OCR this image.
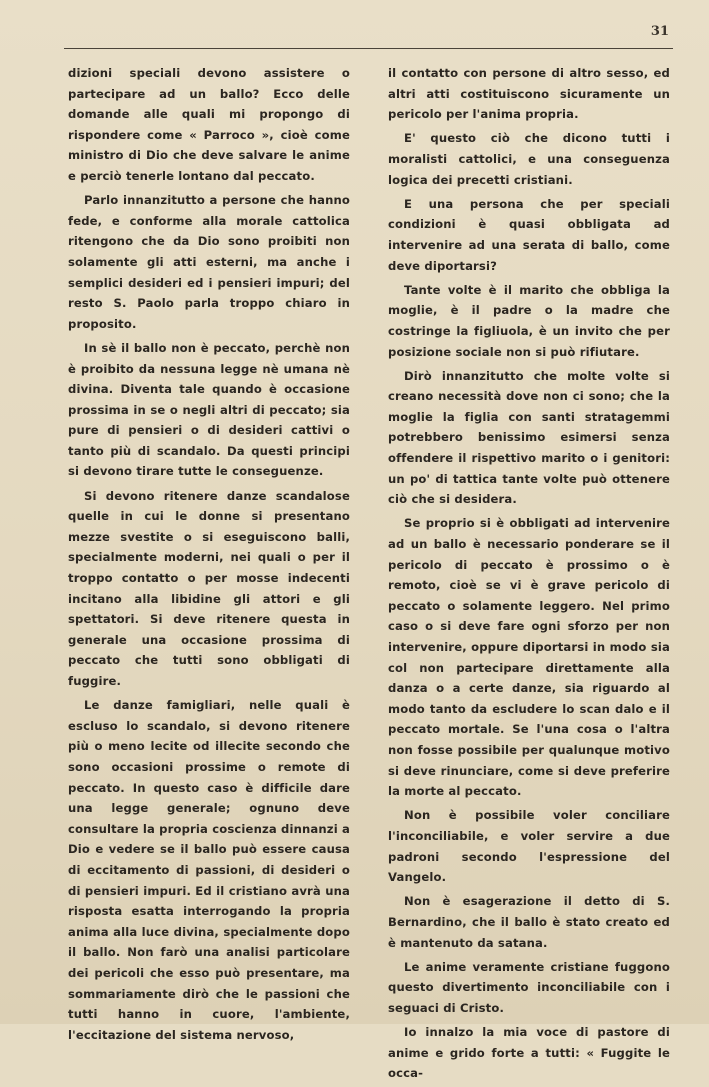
31

dizioni speciali devono assistere o partecipare ad un ballo? Ecco delle domande alle quali mi propongo di rispondere come « Parroco », cioè come ministro di Dio che deve salvare le anime e perciò tenerle lontano dal peccato.

Parlo innanzitutto a persone che hanno fede, e conforme alla morale cattolica ritengono che da Dio sono proibiti non solamente gli atti esterni, ma anche i semplici desideri ed i pensieri impuri; del resto S. Paolo parla troppo chiaro in proposito.

In sè il ballo non è peccato, perchè non è proibito da nessuna legge nè umana nè divina. Diventa tale quando è occasione prossima in se o negli altri di peccato; sia pure di pensieri o di desideri cattivi o tanto più di scandalo. Da questi principi si devono tirare tutte le conseguenze.

Si devono ritenere danze scandalose quelle in cui le donne si presentano mezze svestite o si eseguiscono balli, specialmente moderni, nei quali o per il troppo contatto o per mosse indecenti incitano alla libidine gli attori e gli spettatori. Si deve ritenere questa in generale una occasione prossima di peccato che tutti sono obbligati di fuggire.

Le danze famigliari, nelle quali è escluso lo scandalo, si devono ritenere più o meno lecite od illecite secondo che sono occasioni prossime o remote di peccato. In questo caso è difficile dare una legge generale; ognuno deve consultare la propria coscienza dinnanzi a Dio e vedere se il ballo può essere causa di eccitamento di passioni, di desideri o di pensieri impuri. Ed il cristiano avrà una risposta esatta interrogando la propria anima alla luce divina, specialmente dopo il ballo. Non farò una analisi particolare dei pericoli che esso può presentare, ma sommariamente dirò che le passioni che tutti hanno in cuore, l'ambiente, l'eccitazione del sistema nervoso,

il contatto con persone di altro sesso, ed altri atti costituiscono sicuramente un pericolo per l'anima propria.

E' questo ciò che dicono tutti i moralisti cattolici, e una conseguenza logica dei precetti cristiani.

E una persona che per speciali condizioni è quasi obbligata ad intervenire ad una serata di ballo, come deve diportarsi?

Tante volte è il marito che obbliga la moglie, è il padre o la madre che costringe la figliuola, è un invito che per posizione sociale non si può rifiutare.

Dirò innanzitutto che molte volte si creano necessità dove non ci sono; che la moglie la figlia con santi stratagemmi potrebbero benissimo esimersi senza offendere il rispettivo marito o i genitori: un po' di tattica tante volte può ottenere ciò che si desidera.

Se proprio si è obbligati ad intervenire ad un ballo è necessario ponderare se il pericolo di peccato è prossimo o è remoto, cioè se vi è grave pericolo di peccato o solamente leggero. Nel primo caso o si deve fare ogni sforzo per non intervenire, oppure diportarsi in modo sia col non partecipare direttamente alla danza o a certe danze, sia riguardo al modo tanto da escludere lo scan dalo e il peccato mortale. Se l'una cosa o l'altra non fosse possibile per qualunque motivo si deve rinunciare, come si deve preferire la morte al peccato.

Non è possibile voler conciliare l'inconciliabile, e voler servire a due padroni secondo l'espressione del Vangelo.

Non è esagerazione il detto di S. Bernardino, che il ballo è stato creato ed è mantenuto da satana.

Le anime veramente cristiane fuggono questo divertimento inconciliabile con i seguaci di Cristo.

Io innalzo la mia voce di pastore di anime e grido forte a tutti: « Fuggite le occa-
